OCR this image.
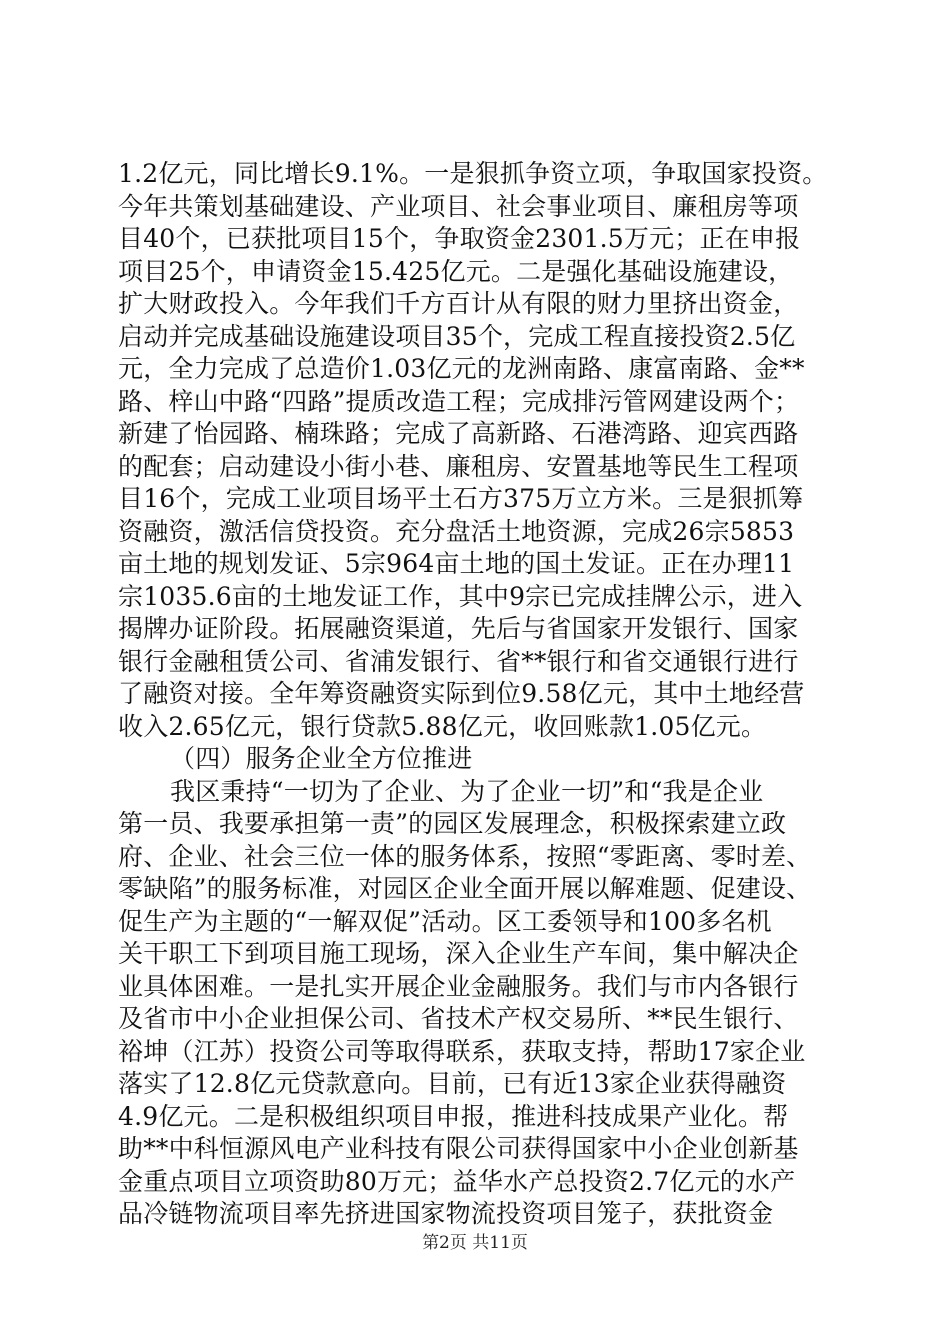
1.2亿元，同比增长9.1%。一是狠抓争资立项，争取国家投资。
今年共策划基础建设、产业项目、社会事业项目、廉租房等项
目40个，已获批项目15个，争取资金2301.5万元；正在申报
项目25个，申请资金15.425亿元。二是强化基础设施建设，
扩大财政投入。今年我们千方百计从有限的财力里挤出资金，
启动并完成基础设施建设项目35个，完成工程直接投资2.5亿
元，全力完成了总造价1.03亿元的龙洲南路、康富南路、金**
路、梓山中路“四路”提质改造工程；完成排污管网建设两个；
新建了怡园路、楠珠路；完成了高新路、石港湾路、迎宾西路
的配套；启动建设小街小巷、廉租房、安置基地等民生工程项
目16个，完成工业项目场平土石方375万立方米。三是狠抓筹
资融资，激活信贷投资。充分盘活土地资源，完成26宗5853
亩土地的规划发证、5宗964亩土地的国土发证。正在办理11
宗1035.6亩的土地发证工作，其中9宗已完成挂牌公示，进入
揭牌办证阶段。拓展融资渠道，先后与省国家开发银行、国家
银行金融租赁公司、省浦发银行、省**银行和省交通银行进行
了融资对接。全年筹资融资实际到位9.58亿元，其中土地经营
收入2.65亿元，银行贷款5.88亿元，收回账款1.05亿元。
（四）服务企业全方位推进
我区秉持“一切为了企业、为了企业一切”和“我是企业
第一员、我要承担第一责”的园区发展理念，积极探索建立政
府、企业、社会三位一体的服务体系，按照“零距离、零时差、
零缺陷”的服务标准，对园区企业全面开展以解难题、促建设、
促生产为主题的“一解双促”活动。区工委领导和100多名机
关干职工下到项目施工现场，深入企业生产车间，集中解决企
业具体困难。一是扎实开展企业金融服务。我们与市内各银行
及省市中小企业担保公司、省技术产权交易所、**民生银行、
裕坤（江苏）投资公司等取得联系，获取支持，帮助17家企业
落实了12.8亿元贷款意向。目前，已有近13家企业获得融资
4.9亿元。二是积极组织项目申报，推进科技成果产业化。帮
助**中科恒源风电产业科技有限公司获得国家中小企业创新基
金重点项目立项资助80万元；益华水产总投资2.7亿元的水产
品冷链物流项目率先挤进国家物流投资项目笼子，获批资金
第2页 共11页
